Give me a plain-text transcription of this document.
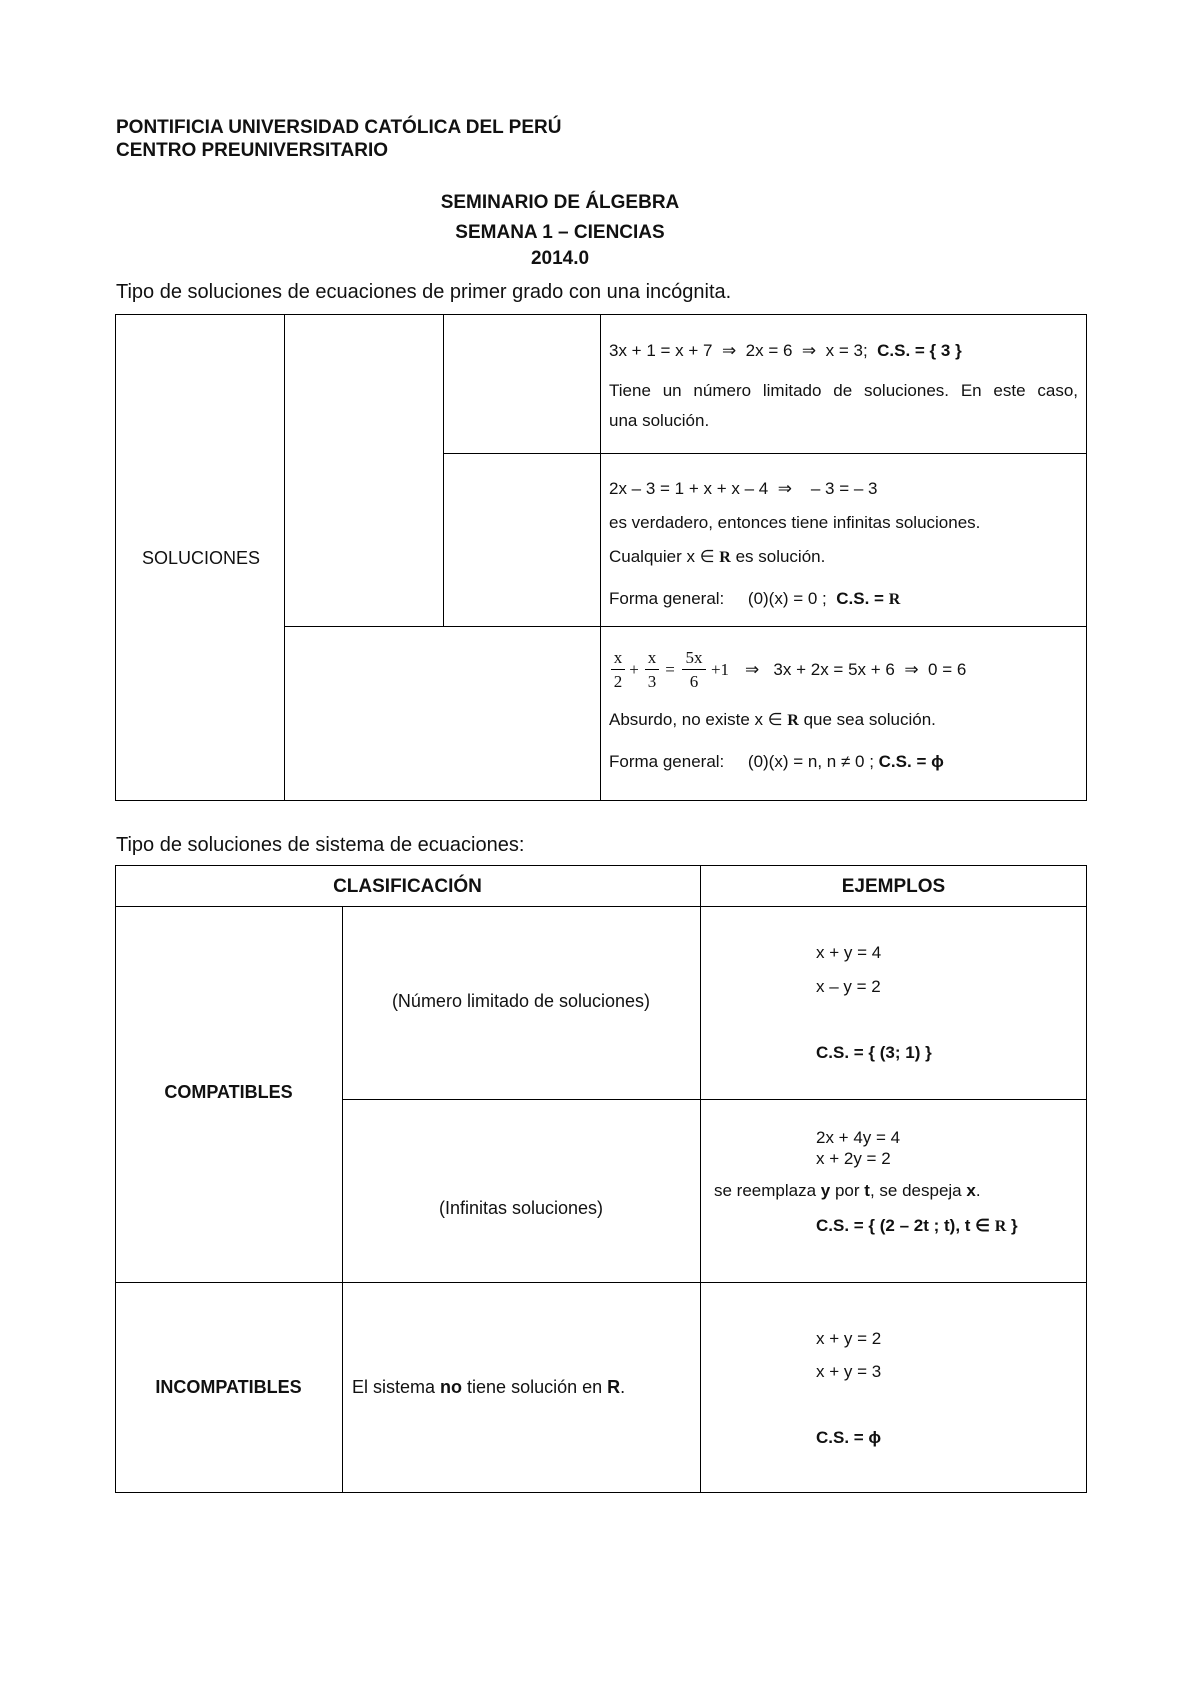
PONTIFICIA UNIVERSIDAD CATÓLICA DEL PERÚ
CENTRO PREUNIVERSITARIO
SEMINARIO DE ÁLGEBRA
SEMANA 1 – CIENCIAS
2014.0
Tipo de soluciones de ecuaciones de primer grado con una incógnita.
SOLUCIONES
3x + 1 = x + 7 ⇒ 2x = 6 ⇒ x = 3; C.S. = { 3 }
Tiene un número limitado de soluciones. En este caso,
una solución.
2x – 3 = 1 + x + x – 4 ⇒ – 3 = – 3
es verdadero, entonces tiene infinitas soluciones.
Cualquier x ∈ R es solución.
Forma general: (0)(x) = 0 ; C.S. = R
x
2
+
x
3
=
5x
6
+1 ⇒ 3x + 2x = 5x + 6 ⇒ 0 = 6
Absurdo, no existe x ∈ R que sea solución.
Forma general: (0)(x) = n, n ≠ 0 ; C.S. = ϕ
Tipo de soluciones de sistema de ecuaciones:
CLASIFICACIÓN	EJEMPLOS
COMPATIBLES
(Número limitado de soluciones)
(Infinitas soluciones)
INCOMPATIBLES	El sistema no tiene solución en R.
x + y = 4
x – y = 2
C.S. = { (3; 1) }
2x + 4y = 4
x + 2y = 2
se reemplaza y por t, se despeja x.
C.S. = { (2 – 2t ; t), t ∈ R }
x + y = 2
x + y = 3
C.S. = ϕ
